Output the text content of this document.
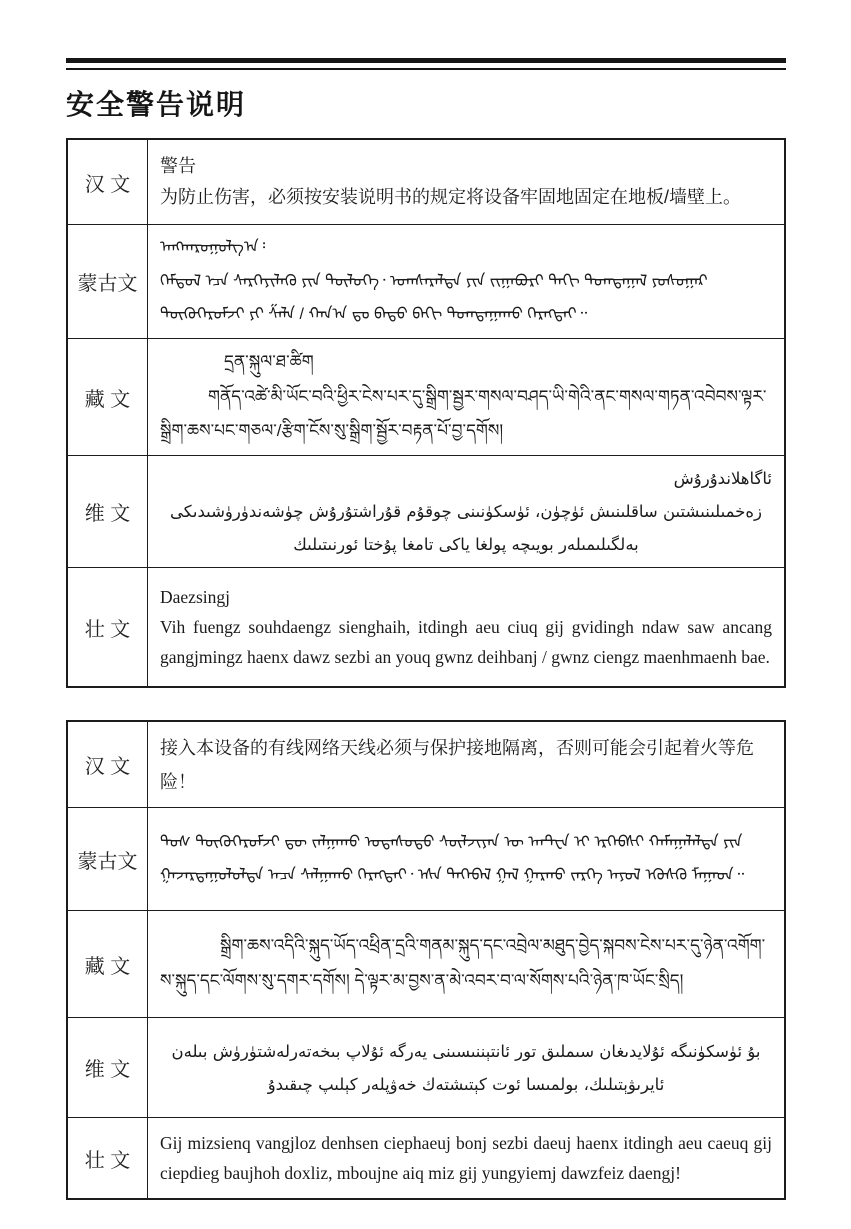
安全警告说明
汉 文
警告
为防止伤害，必须按安装说明书的规定将设备牢固地固定在地板/墙壁上。
蒙古文
ᠠᠩᠬᠠᠷᠤᠭᠤᠯᠭ᠎ᠠ᠄
ᠭᠡᠮᠲᠦᠯ ᠡᠴᠡ ᠰᠡᠷᠭᠡᠶᠢᠯᠡᠬᠦ ᠶᠢᠨ ᠲᠥᠯᠥᠭᠡ᠂ ᠤᠭᠰᠠᠷᠠᠯᠲᠠ ᠶᠢᠨ ᠵᠢᠭᠠᠪᠤᠷᠢ ᠳᠠᠬᠢ ᠲᠣᠭᠲᠠᠭᠠᠯ ᠶᠣᠰᠣᠭᠠᠷ ᠲᠥᠬᠥᠭᠡᠷᠦᠮᠵᠢ ᠶᠢ ᠱᠠᠯᠠ / ᠬᠠᠨ᠎ᠠ ᠳᠤ ᠪᠠᠲᠤ ᠪᠡᠬᠢ ᠲᠣᠭᠲᠠᠭᠠᠬᠤ ᠬᠡᠷᠡᠭᠲᠡᠢ᠃
藏 文
དྲན་སྐུལ་ཐ་ཚིག
གནོད་འཚེ་མི་ཡོང་བའི་ཕྱིར་ངེས་པར་དུ་སྒྲིག་སྦྱར་གསལ་བཤད་ཡི་གེའི་ནང་གསལ་གཏན་འབེབས་ལྟར་སྒྲིག་ཆས་པང་གཅལ་/རྩིག་ངོས་སུ་སྒྲིག་སྦྱོར་བརྟན་པོ་བྱ་དགོས།
维 文
ئاگاھلاندۇرۇش
زەخمىلىنىشتىن ساقلىنىش ئۈچۈن، ئۈسكۈنىنى چوقۇم قۇراشتۇرۇش چۈشەندۈرۈشىدىكى بەلگىلىمىلەر بويىچە پولغا ياكى تامغا پۇختا ئورنىتىلىك
壮 文
Daezsingj
Vih fuengz souhdaengz sienghaih, itdingh aeu ciuq gij gvidingh ndaw saw ancang gangjmingz haenx dawz sezbi an youq gwnz deihbanj / gwnz ciengz maenhmaenh bae.
汉 文
接入本设备的有线网络天线必须与保护接地隔离，否则可能会引起着火等危险！
蒙古文
ᠲᠤᠰ ᠲᠥᠬᠥᠭᠡᠷᠦᠮᠵᠢ ᠳᠦ ᠵᠠᠯᠭᠠᠬᠤ ᠤᠲᠠᠰᠤᠲᠤ ᠰᠦᠯᠵᠢᠶᠡᠨ ᠦ ᠠᠨᠲ᠋ᠧᠨ ᠢ ᠡᠷᠬᠡᠪᠰᠢ ᠬᠠᠮᠠᠭᠠᠯᠠᠯᠲᠠ ᠶᠢᠨ ᠭᠠᠵᠠᠷᠳᠠᠭᠤᠯᠤᠯᠲᠠ ᠠᠴᠠ ᠰᠠᠯᠭᠠᠬᠤ ᠬᠡᠷᠡᠭᠲᠡᠢ᠂ ᠡᠰᠡ ᠲᠡᠭᠡᠪᠡᠯ ᠭᠠᠯ ᠭᠠᠷᠬᠤ ᠵᠡᠷᠭᠡ ᠠᠶᠤᠯ ᠡᠭᠦᠰᠬᠦ ᠮᠠᠭᠠᠳ᠃
藏 文
སྒྲིག་ཆས་འདིའི་སྐུད་ཡོད་འཕྲིན་དྲའི་གནམ་སྐུད་དང་འབྲེལ་མཐུད་བྱེད་སྐབས་ངེས་པར་དུ་ཉེན་འགོག་ས་སྐུད་དང་ལོགས་སུ་དགར་དགོས། དེ་ལྟར་མ་བྱས་ན་མེ་འབར་བ་ལ་སོགས་པའི་ཉེན་ཁ་ཡོང་སྲིད།
维 文
بۇ ئۈسكۈنىگە ئۇلايدىغان سىملىق تور ئانتېننىسىنى يەرگە ئۇلاپ بىخەتەرلەشتۈرۈش بىلەن ئايرىۋېتىلىك، بولمىسا ئوت كېتىشتەك خەۋپلەر كېلىپ چىقىدۇ
壮 文
Gij mizsienq vangjloz denhsen ciephaeuj bonj sezbi daeuj haenx itdingh aeu caeuq gij ciepdieg baujhoh doxliz, mboujne aiq miz gij yungyiemj dawzfeiz daengj!
